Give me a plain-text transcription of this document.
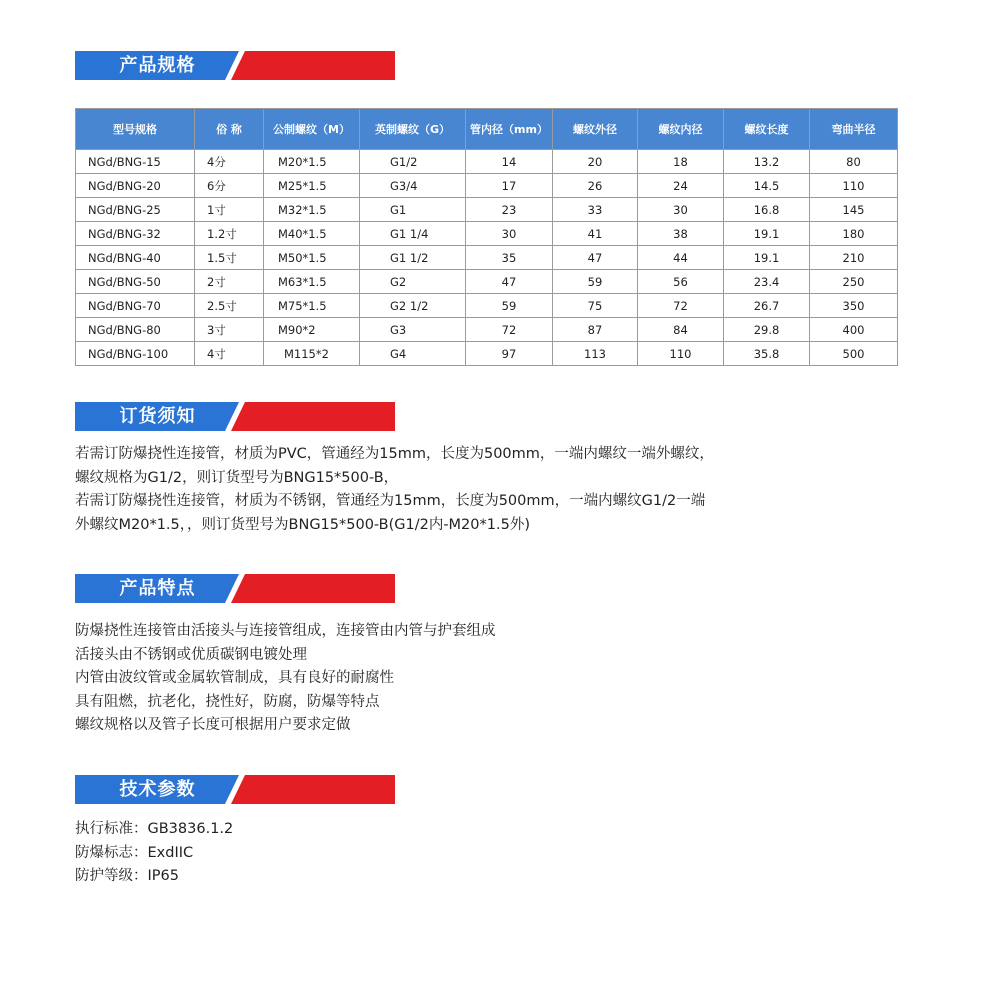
产品规格
型号规格	俗 称	公制螺纹（M）	英制螺纹（G）	管内径（mm）	螺纹外径	螺纹内径	螺纹长度	弯曲半径
NGd/BNG-15	4分	M20*1.5	G1/2	14	20	18	13.2	80
NGd/BNG-20	6分	M25*1.5	G3/4	17	26	24	14.5	110
NGd/BNG-25	1寸	M32*1.5	G1	23	33	30	16.8	145
NGd/BNG-32	1.2寸	M40*1.5	G1 1/4	30	41	38	19.1	180
NGd/BNG-40	1.5寸	M50*1.5	G1 1/2	35	47	44	19.1	210
NGd/BNG-50	2寸	M63*1.5	G2	47	59	56	23.4	250
NGd/BNG-70	2.5寸	M75*1.5	G2 1/2	59	75	72	26.7	350
NGd/BNG-80	3寸	M90*2	G3	72	87	84	29.8	400
NGd/BNG-100	4寸	M115*2	G4	97	113	110	35.8	500
订货须知
若需订防爆挠性连接管，材质为PVC，管通经为15mm，长度为500mm，一端内螺纹一端外螺纹，
螺纹规格为G1/2，则订货型号为BNG15*500-B，
若需订防爆挠性连接管，材质为不锈钢，管通经为15mm，长度为500mm，一端内螺纹G1/2一端
外螺纹M20*1.5，，则订货型号为BNG15*500-B(G1/2内-M20*1.5外)
产品特点
防爆挠性连接管由活接头与连接管组成，连接管由内管与护套组成
活接头由不锈钢或优质碳钢电镀处理
内管由波纹管或金属软管制成，具有良好的耐腐性
具有阻燃，抗老化，挠性好，防腐，防爆等特点
螺纹规格以及管子长度可根据用户要求定做
技术参数
执行标准：GB3836.1.2
防爆标志：ExdIIC
防护等级：IP65
